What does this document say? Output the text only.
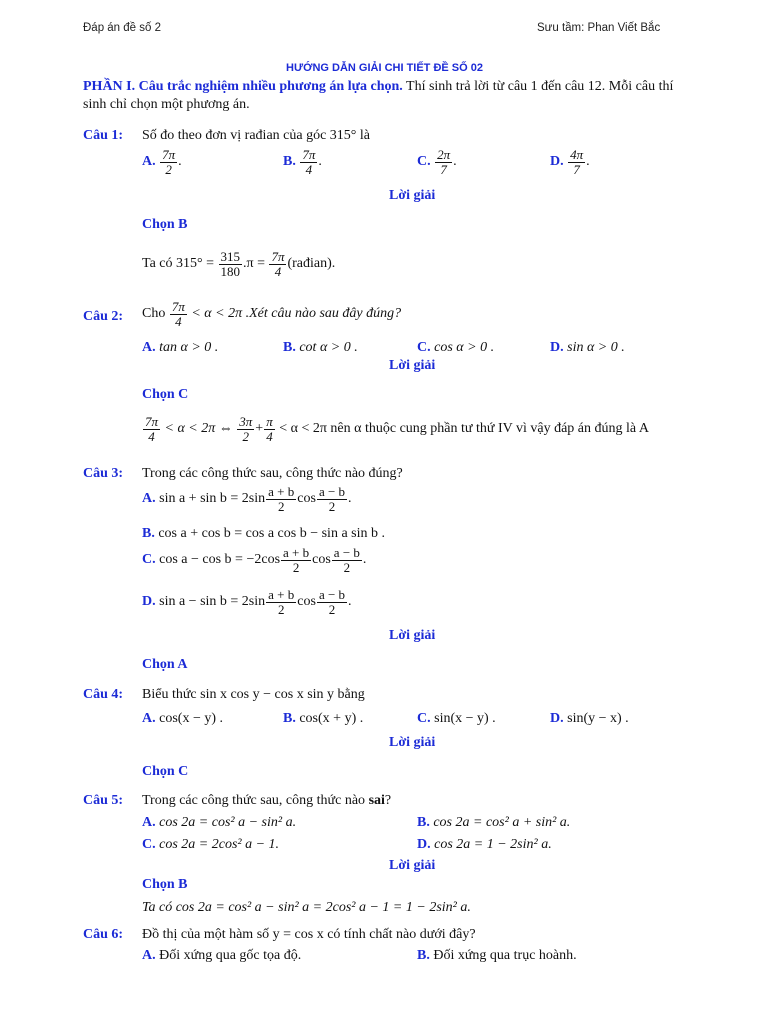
Đáp án đề số 2	Sưu tầm: Phan Viết Bắc
HƯỚNG DẪN GIẢI CHI TIẾT ĐỀ SỐ 02
PHẦN I. Câu trắc nghiệm nhiều phương án lựa chọn. Thí sinh trả lời từ câu 1 đến câu 12. Mỗi câu thí
sinh chỉ chọn một phương án.
Câu 1: Số đo theo đơn vị rađian của góc 315° là
A.
$\frac{7\pi}{2}$ .	B.
$\frac{7\pi}{4}$ .	C.
$\frac{2\pi}{7}$ .	D.
$\frac{4\pi}{7}$ .
Lời giải
Chọn B
Ta có 315° =
$\frac{315}{180} .\pi$ =
$\frac{7\pi}{4}$ (rađian).
Câu 2: Cho
$\frac{7\pi}{4}$
< α < 2π .Xét câu nào sau đây đúng?
A. tan α > 0 .	B. cot α > 0 .	C. cos α > 0 .	D. sin α > 0 .
Lời giải
Chọn C
$\frac{7\pi}{4}$
< α < 2π ⇔
$\frac{3\pi}{2} + \frac{\pi}{4}$
< α < 2π nên α thuộc cung phần tư thứ IV vì vậy đáp án đúng là A
Câu 3: Trong các công thức sau, công thức nào đúng?
A.
$\sin a + \sin b = 2\sin \frac{a + b}{2}$ $\cos \frac{a - b}{2}$ .
B. cos a + cos b = cos a cos b − sin a sin b .
C.
$\cos a - \cos b = -2\cos \frac{a + b}{2}$ $\cos \frac{a - b}{2}$ .
D.
$\sin a - \sin b = 2\sin \frac{a + b}{2}$ $\cos \frac{a - b}{2}$ .
Lời giải
Chọn A
Câu 4: Biểu thức sin x cos y − cos x sin y bằng
A. cos(x − y) .	B. cos(x + y) .	C. sin(x − y) .	D. sin(y − x) .
Lời giải
Chọn C
Câu 5: Trong các công thức sau, công thức nào sai?
A. cos 2a = cos² a − sin² a.	B. cos 2a = cos² a + sin² a.
C. cos 2a = 2cos² a − 1.	D. cos 2a = 1 − 2sin² a.
Lời giải
Chọn B
Ta có cos 2a = cos² a − sin² a = 2cos² a − 1 = 1 − 2sin² a.
Câu 6: Đồ thị của một hàm số y = cos x có tính chất nào dưới đây?
A. Đối xứng qua gốc tọa độ.	B. Đối xứng qua trục hoành.
